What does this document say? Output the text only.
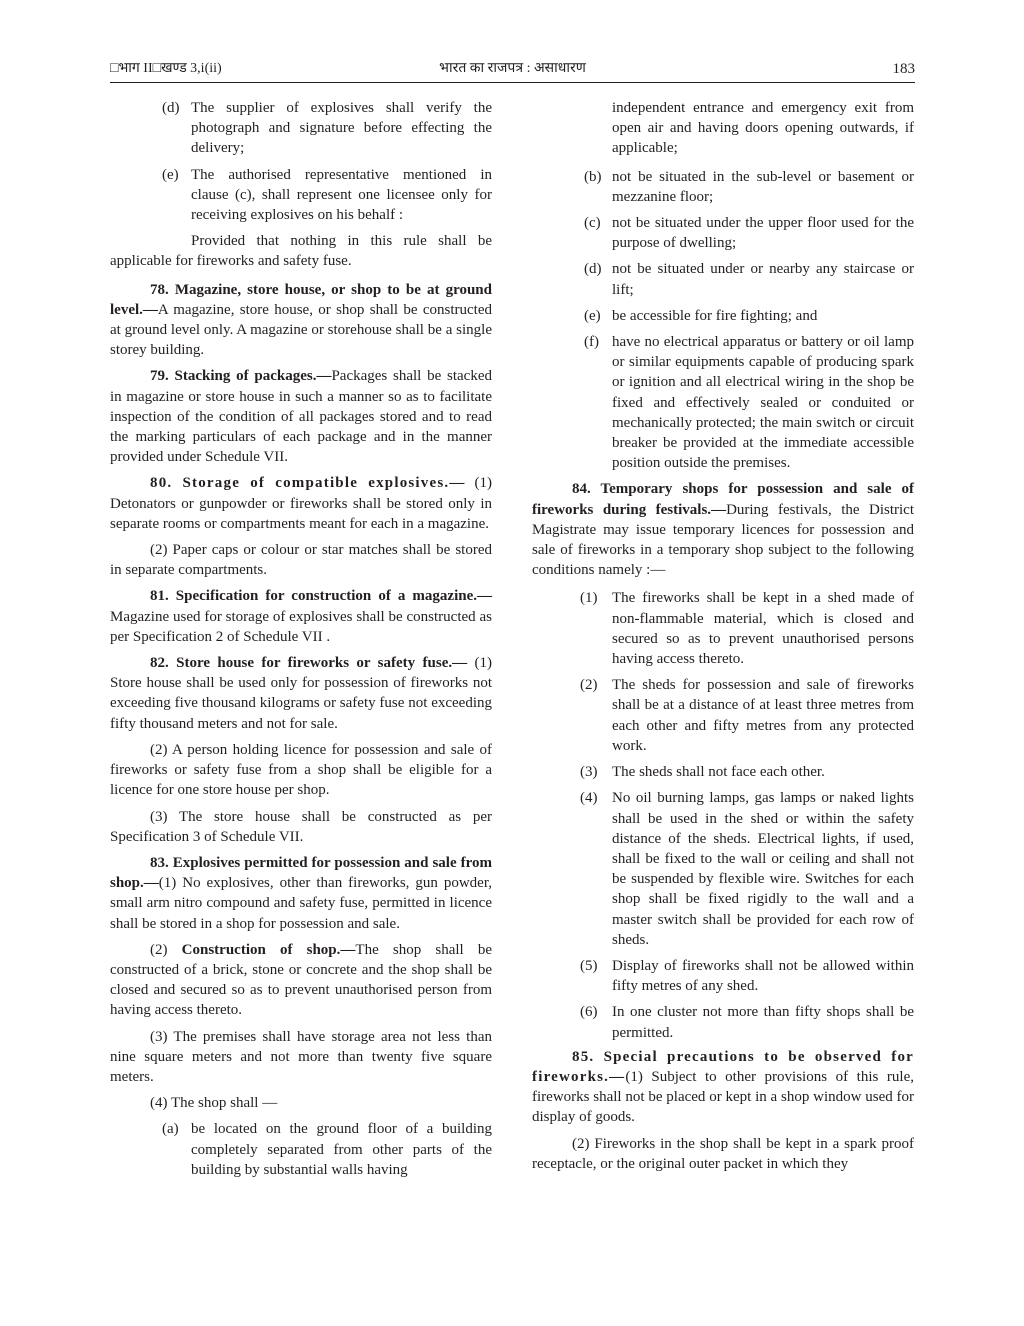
□भाग II□खण्ड 3,i(ii)	भारत का राजपत्र : असाधारण	183

(d) The supplier of explosives shall verify the photograph and signature before effecting the delivery;

(e) The authorised representative mentioned in clause (c), shall represent one licensee only for receiving explosives on his behalf :

Provided that nothing in this rule shall be applicable for fireworks and safety fuse.

78. Magazine, store house, or shop to be at ground level.—A magazine, store house, or shop shall be constructed at ground level only. A magazine or storehouse shall be a single storey building.

79. Stacking of packages.—Packages shall be stacked in magazine or store house in such a manner so as to facilitate inspection of the condition of all packages stored and to read the marking particulars of each package and in the manner provided under Schedule VII.

80. Storage of compatible explosives.— (1) Detonators or gunpowder or fireworks shall be stored only in separate rooms or compartments meant for each in a magazine.

(2) Paper caps or colour or star matches shall be stored in separate compartments.

81. Specification for construction of a magazine.— Magazine used for storage of explosives shall be constructed as per Specification 2 of Schedule VII .

82. Store house for fireworks or safety fuse.— (1) Store house shall be used only for possession of fireworks not exceeding five thousand kilograms or safety fuse not exceeding fifty thousand meters and not for sale.

(2) A person holding licence for possession and sale of fireworks or safety fuse from a shop shall be eligible for a licence for one store house per shop.

(3) The store house shall be constructed as per Specification 3 of Schedule VII.

83. Explosives permitted for possession and sale from shop.—(1) No explosives, other than fireworks, gun powder, small arm nitro compound and safety fuse, permitted in licence shall be stored in a shop for possession and sale.

(2) Construction of shop.—The shop shall be constructed of a brick, stone or concrete and the shop shall be closed and secured so as to prevent unauthorised person from having access thereto.

(3) The premises shall have storage area not less than nine square meters and not more than twenty five square meters.

(4) The shop shall —

(a) be located on the ground floor of a building completely separated from other parts of the building by substantial walls having

independent entrance and emergency exit from open air and having doors opening outwards, if applicable;

(b) not be situated in the sub-level or basement or mezzanine floor;

(c) not be situated under the upper floor used for the purpose of dwelling;

(d) not be situated under or nearby any staircase or lift;

(e) be accessible for fire fighting; and

(f) have no electrical apparatus or battery or oil lamp or similar equipments capable of producing spark or ignition and all electrical wiring in the shop be fixed and effectively sealed or conduited or mechanically protected; the main switch or circuit breaker be provided at the immediate accessible position outside the premises.

84. Temporary shops for possession and sale of fireworks during festivals.—During festivals, the District Magistrate may issue temporary licences for possession and sale of fireworks in a temporary shop subject to the following conditions namely :—

(1) The fireworks shall be kept in a shed made of non-flammable material, which is closed and secured so as to prevent unauthorised persons having access thereto.

(2) The sheds for possession and sale of fireworks shall be at a distance of at least three metres from each other and fifty metres from any protected work.

(3) The sheds shall not face each other.

(4) No oil burning lamps, gas lamps or naked lights shall be used in the shed or within the safety distance of the sheds. Electrical lights, if used, shall be fixed to the wall or ceiling and shall not be suspended by flexible wire. Switches for each shop shall be fixed rigidly to the wall and a master switch shall be provided for each row of sheds.

(5) Display of fireworks shall not be allowed within fifty metres of any shed.

(6) In one cluster not more than fifty shops shall be permitted.

85. Special precautions to be observed for fireworks.—(1) Subject to other provisions of this rule, fireworks shall not be placed or kept in a shop window used for display of goods.

(2) Fireworks in the shop shall be kept in a spark proof receptacle, or the original outer packet in which they
